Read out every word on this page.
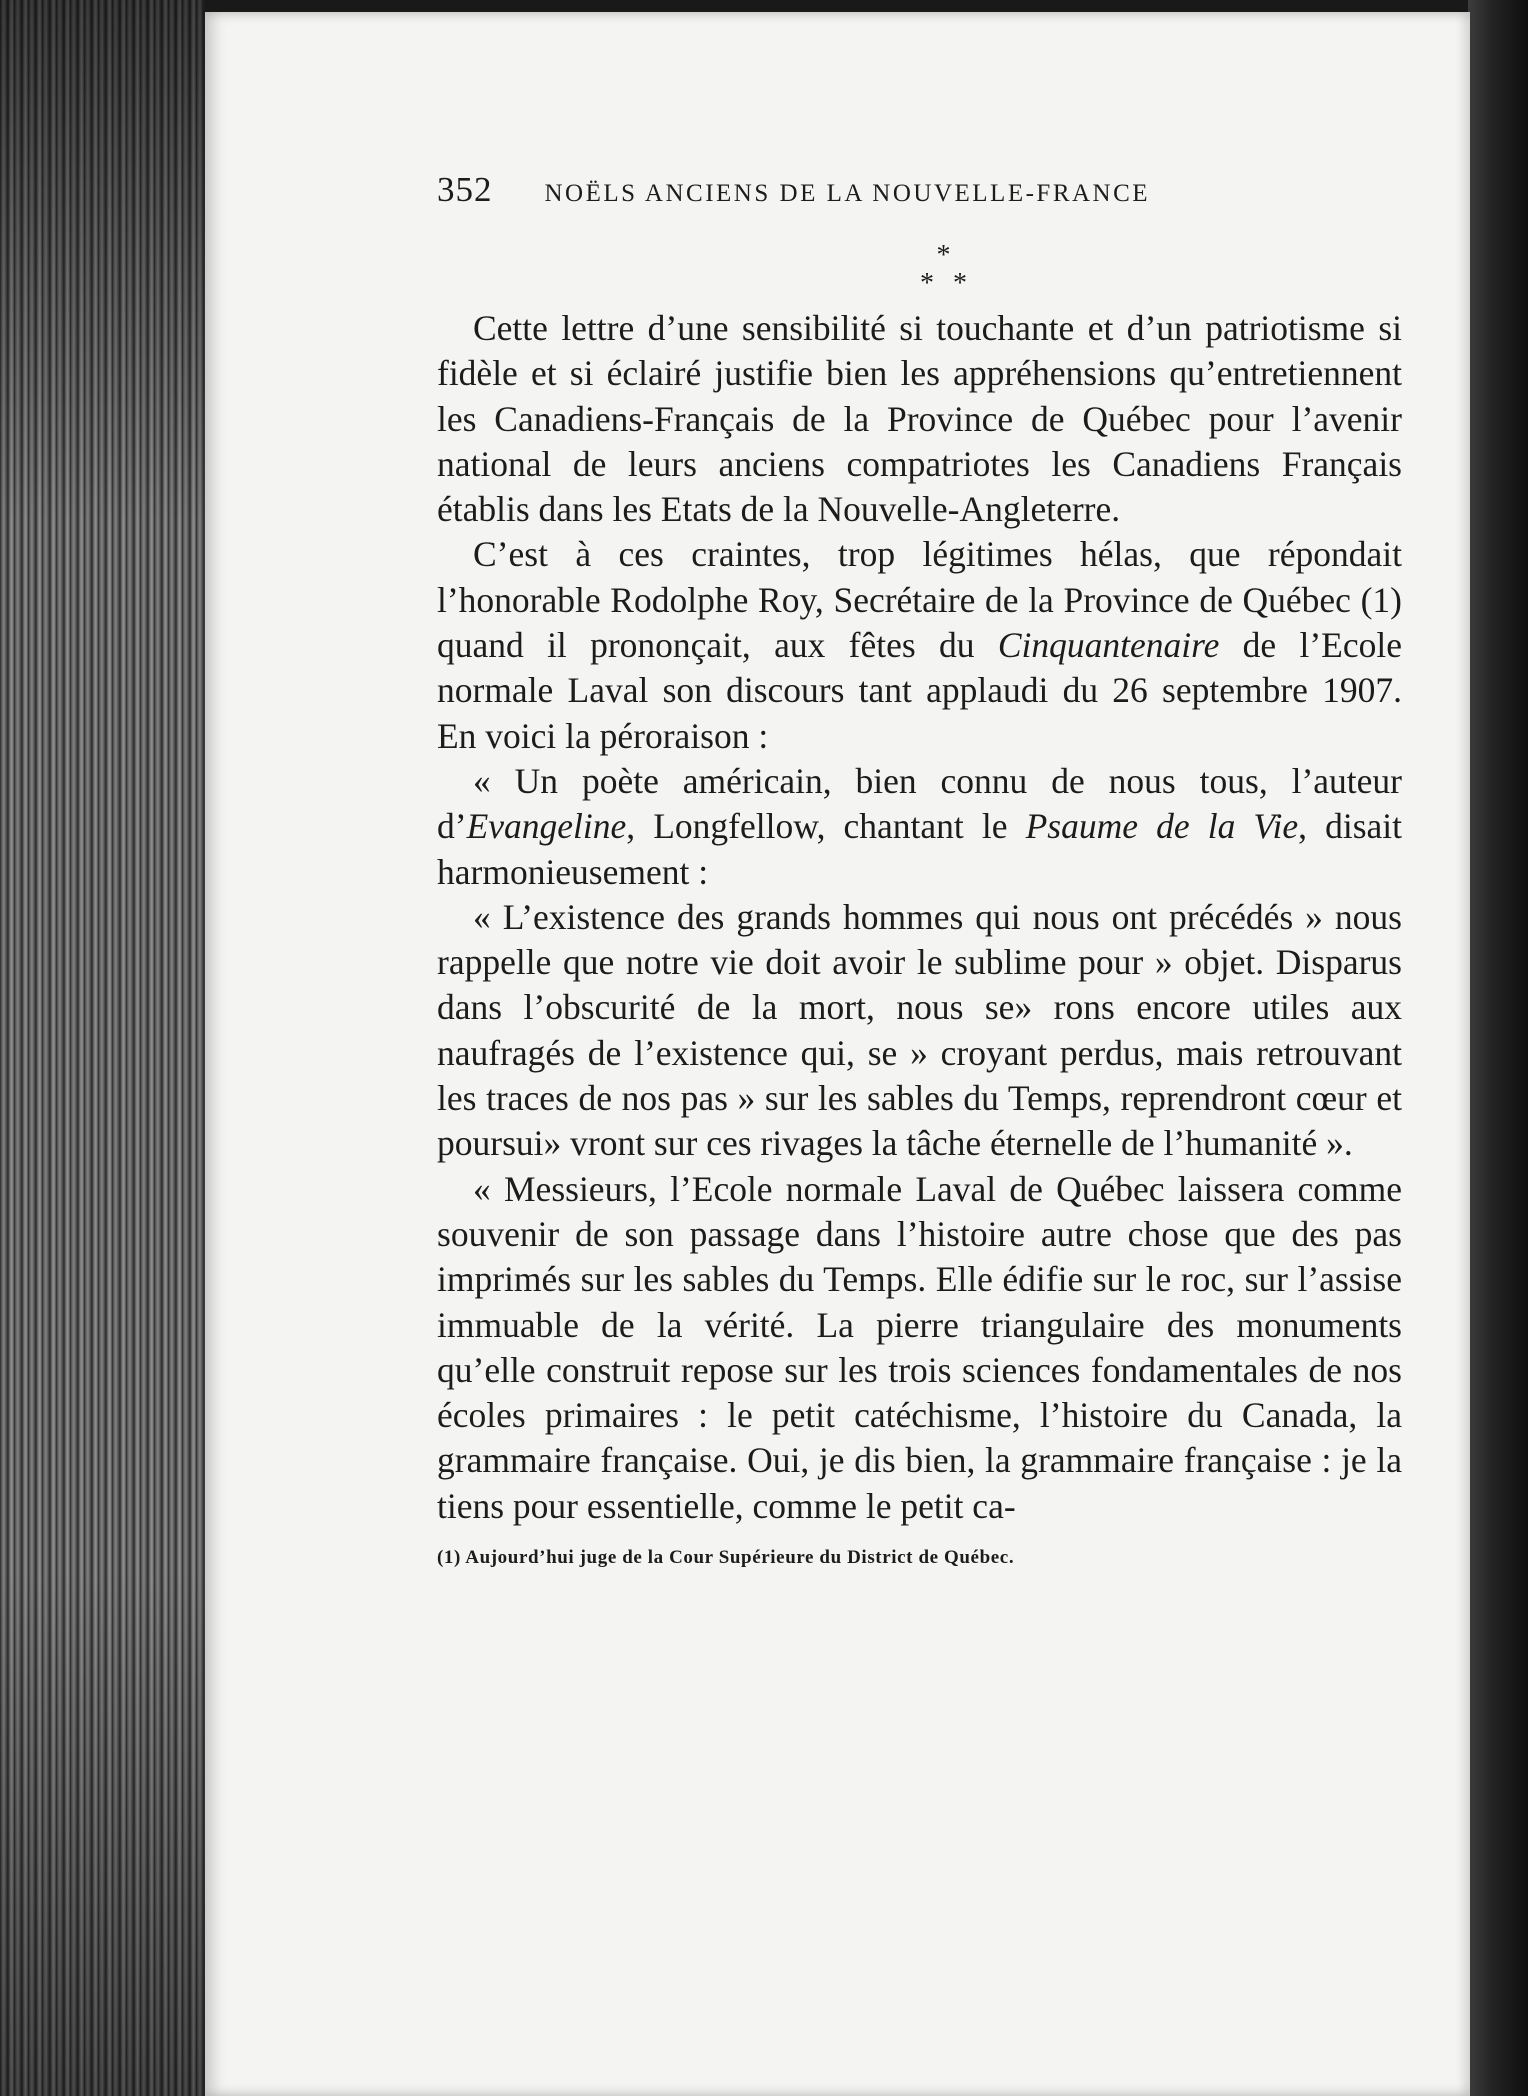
352 NOËLS ANCIENS DE LA NOUVELLE-FRANCE
*
* *

Cette lettre d’une sensibilité si touchante et d’un patriotisme si fidèle et si éclairé justifie bien les appréhensions qu’entretiennent les Canadiens-Français de la Province de Québec pour l’avenir national de leurs anciens compatriotes les Canadiens Français établis dans les Etats de la Nouvelle-Angleterre.

C’est à ces craintes, trop légitimes hélas, que répondait l’honorable Rodolphe Roy, Secrétaire de la Province de Québec (1) quand il prononçait, aux fêtes du Cinquantenaire de l’Ecole normale Laval son discours tant applaudi du 26 septembre 1907. En voici la péroraison :

« Un poète américain, bien connu de nous tous, l’auteur d’Evangeline, Longfellow, chantant le Psaume de la Vie, disait harmonieusement :

« L’existence des grands hommes qui nous ont précédés » nous rappelle que notre vie doit avoir le sublime pour » objet. Disparus dans l’obscurité de la mort, nous se» rons encore utiles aux naufragés de l’existence qui, se » croyant perdus, mais retrouvant les traces de nos pas » sur les sables du Temps, reprendront cœur et poursui» vront sur ces rivages la tâche éternelle de l’humanité ».

« Messieurs, l’Ecole normale Laval de Québec laissera comme souvenir de son passage dans l’histoire autre chose que des pas imprimés sur les sables du Temps. Elle édifie sur le roc, sur l’assise immuable de la vérité. La pierre triangulaire des monuments qu’elle construit repose sur les trois sciences fondamentales de nos écoles primaires : le petit catéchisme, l’histoire du Canada, la grammaire française. Oui, je dis bien, la grammaire française : je la tiens pour essentielle, comme le petit ca-

(1) Aujourd’hui juge de la Cour Supérieure du District de Québec.
